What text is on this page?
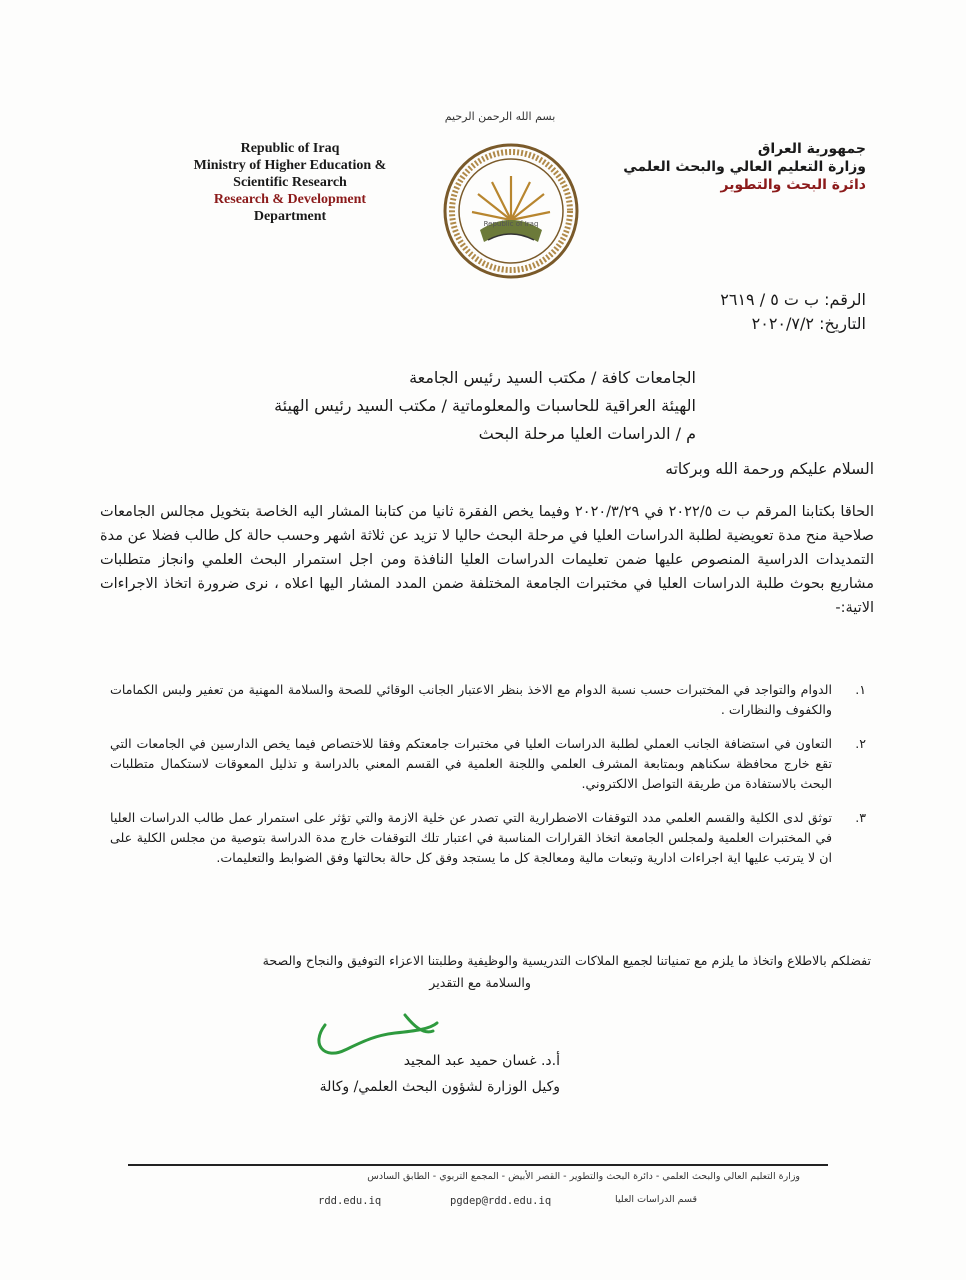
Republic of Iraq
Ministry of Higher Education &
Scientific Research
Research & Development
Department
بسم الله الرحمن الرحيم
Republic of Iraq
جمهورية العراق
وزارة التعليم العالي والبحث العلمي
دائرة البحث والتطوير
الرقم: ب ت ٥ / ٢٦١٩
التاريخ: ٢٠٢٠/٧/٢
الجامعات كافة / مكتب السيد رئيس الجامعة
الهيئة العراقية للحاسبات والمعلوماتية / مكتب السيد رئيس الهيئة
م / الدراسات العليا مرحلة البحث
السلام عليكم ورحمة الله وبركاته
الحاقا بكتابنا المرقم ب ت ٢٠٢٢/٥ في ٢٠٢٠/٣/٢٩ وفيما يخص الفقرة ثانيا من كتابنا المشار اليه الخاصة بتخويل مجالس الجامعات صلاحية منح مدة تعويضية لطلبة الدراسات العليا في مرحلة البحث حاليا لا تزيد عن ثلاثة اشهر وحسب حالة كل طالب فضلا عن مدة التمديدات الدراسية المنصوص عليها ضمن تعليمات الدراسات العليا النافذة ومن اجل استمرار البحث العلمي وانجاز متطلبات مشاريع بحوث طلبة الدراسات العليا في مختبرات الجامعة المختلفة ضمن المدد المشار اليها اعلاه ، نرى ضرورة اتخاذ الاجراءات الاتية:-
١.
الدوام والتواجد في المختبرات حسب نسبة الدوام مع الاخذ بنظر الاعتبار الجانب الوقائي للصحة والسلامة المهنية من تعفير ولبس الكمامات والكفوف والنظارات .
٢.
التعاون في استضافة الجانب العملي لطلبة الدراسات العليا في مختبرات جامعتكم وفقا للاختصاص فيما يخص الدارسين في الجامعات التي تقع خارج محافظة سكناهم وبمتابعة المشرف العلمي واللجنة العلمية في القسم المعني بالدراسة و تذليل المعوقات لاستكمال متطلبات البحث بالاستفادة من طريقة التواصل الالكتروني.
٣.
توثق لدى الكلية والقسم العلمي مدد التوقفات الاضطرارية التي تصدر عن خلية الازمة والتي تؤثر على استمرار عمل طالب الدراسات العليا في المختبرات العلمية ولمجلس الجامعة اتخاذ القرارات المناسبة في اعتبار تلك التوقفات خارج مدة الدراسة بتوصية من مجلس الكلية على ان لا يترتب عليها اية اجراءات ادارية وتبعات مالية ومعالجة كل ما يستجد وفق كل حالة بحالتها وفق الضوابط والتعليمات.
تفضلكم بالاطلاع واتخاذ ما يلزم مع تمنياتنا لجميع الملاكات التدريسية والوظيفية وطلبتنا الاعزاء التوفيق والنجاح والصحة
والسلامة مع التقدير
أ.د. غسان حميد عبد المجيد
وكيل الوزارة لشؤون البحث العلمي/ وكالة
وزارة التعليم العالي والبحث العلمي - دائرة البحث والتطوير - القصر الأبيض - المجمع التربوي - الطابق السادس
rdd.edu.iq	pgdep@rdd.edu.iq	قسم الدراسات العليا
